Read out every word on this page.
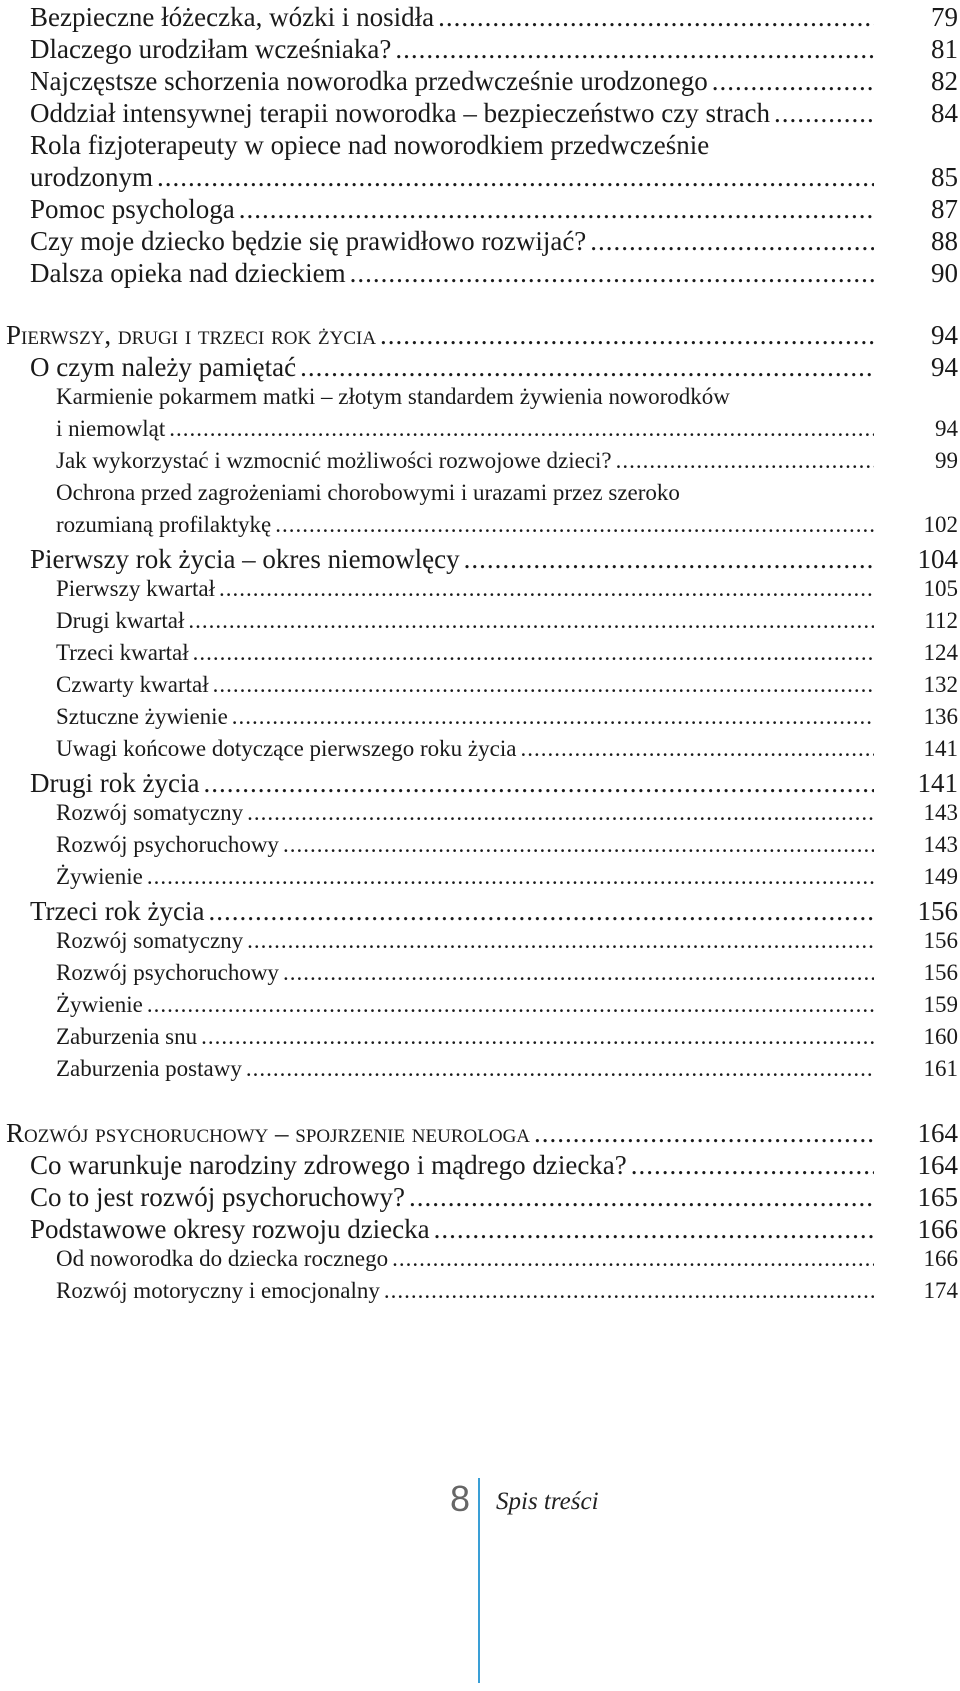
Bezpieczne łóżeczka, wózki i nosidła .....	79
Dlaczego urodziłam wcześniaka? .....	81
Najczęstsze schorzenia noworodka przedwcześnie urodzonego .....	82
Oddział intensywnej terapii noworodka – bezpieczeństwo czy strach .....	84
Rola fizjoterapeuty w opiece nad noworodkiem przedwcześnie
urodzonym .....	85
Pomoc psychologa .....	87
Czy moje dziecko będzie się prawidłowo rozwijać? .....	88
Dalsza opieka nad dzieckiem .....	90
Pierwszy, drugi i trzeci rok życia .....	94
O czym należy pamiętać .....	94
Karmienie pokarmem matki – złotym standardem żywienia noworodków
i niemowląt .....	94
Jak wykorzystać i wzmocnić możliwości rozwojowe dzieci? .....	99
Ochrona przed zagrożeniami chorobowymi i urazami przez szeroko
rozumianą profilaktykę .....	102
Pierwszy rok życia – okres niemowlęcy .....	104
Pierwszy kwartał .....	105
Drugi kwartał .....	112
Trzeci kwartał .....	124
Czwarty kwartał .....	132
Sztuczne żywienie .....	136
Uwagi końcowe dotyczące pierwszego roku życia .....	141
Drugi rok życia .....	141
Rozwój somatyczny .....	143
Rozwój psychoruchowy .....	143
Żywienie .....	149
Trzeci rok życia .....	156
Rozwój somatyczny .....	156
Rozwój psychoruchowy .....	156
Żywienie .....	159
Zaburzenia snu .....	160
Zaburzenia postawy .....	161
Rozwój psychoruchowy – spojrzenie neurologa .....	164
Co warunkuje narodziny zdrowego i mądrego dziecka? .....	164
Co to jest rozwój psychoruchowy? .....	165
Podstawowe okresy rozwoju dziecka .....	166
Od noworodka do dziecka rocznego .....	166
Rozwój motoryczny i emocjonalny .....	174
8 Spis treści
